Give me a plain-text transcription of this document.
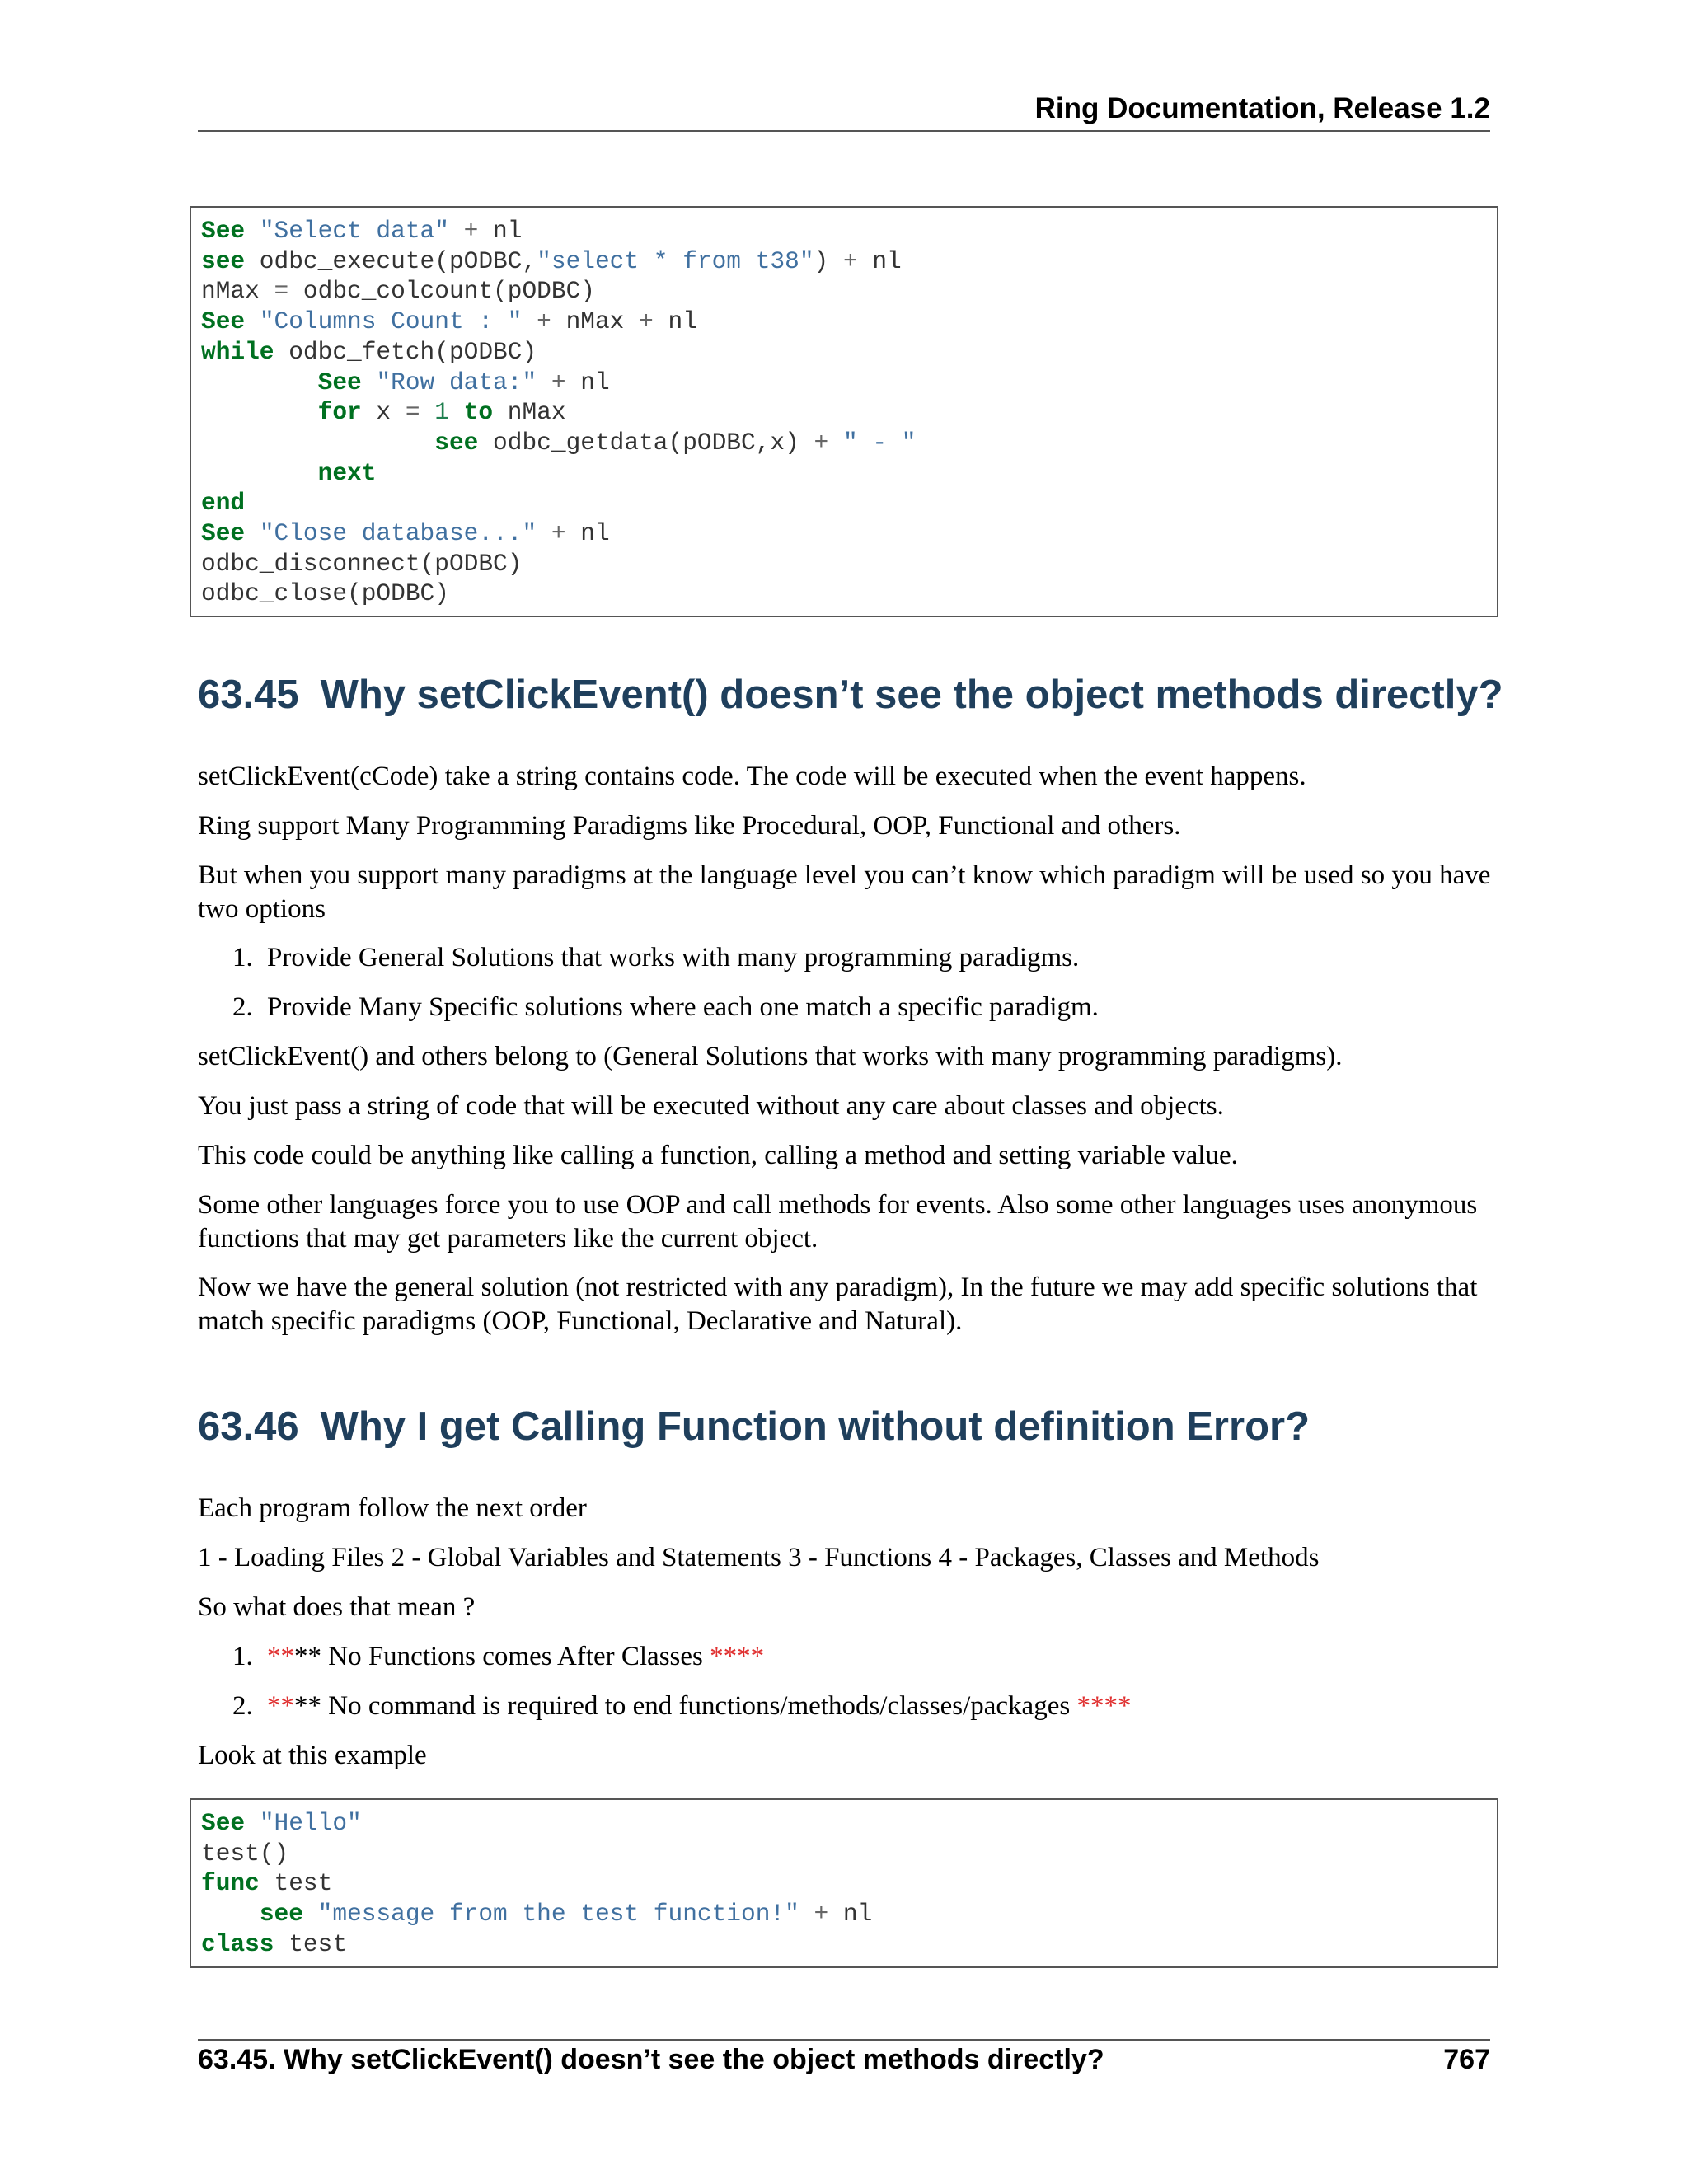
Ring Documentation, Release 1.2
See "Select data" + nl
see odbc_execute(pODBC,"select * from t38") + nl
nMax = odbc_colcount(pODBC)
See "Columns Count : " + nMax + nl
while odbc_fetch(pODBC)
See "Row data:" + nl
for x = 1 to nMax
see odbc_getdata(pODBC,x) + " - "
next
end
See "Close database..." + nl
odbc_disconnect(pODBC)
odbc_close(pODBC)
63.45 Why setClickEvent() doesn’t see the object methods directly?

setClickEvent(cCode) take a string contains code. The code will be executed when the event happens.

Ring support Many Programming Paradigms like Procedural, OOP, Functional and others.

But when you support many paradigms at the language level you can’t know which paradigm will be used so you have two options

1. Provide General Solutions that works with many programming paradigms.

2. Provide Many Specific solutions where each one match a specific paradigm.

setClickEvent() and others belong to (General Solutions that works with many programming paradigms).

You just pass a string of code that will be executed without any care about classes and objects.

This code could be anything like calling a function, calling a method and setting variable value.

Some other languages force you to use OOP and call methods for events. Also some other languages uses anonymous functions that may get parameters like the current object.

Now we have the general solution (not restricted with any paradigm), In the future we may add specific solutions that match specific paradigms (OOP, Functional, Declarative and Natural).

63.46 Why I get Calling Function without definition Error?

Each program follow the next order

1 - Loading Files 2 - Global Variables and Statements 3 - Functions 4 - Packages, Classes and Methods

So what does that mean ?

1. **** No Functions comes After Classes ****

2. **** No command is required to end functions/methods/classes/packages ****

Look at this example

See "Hello"
test()
func test
see "message from the test function!" + nl
class test
63.45. Why setClickEvent() doesn’t see the object methods directly?	767
